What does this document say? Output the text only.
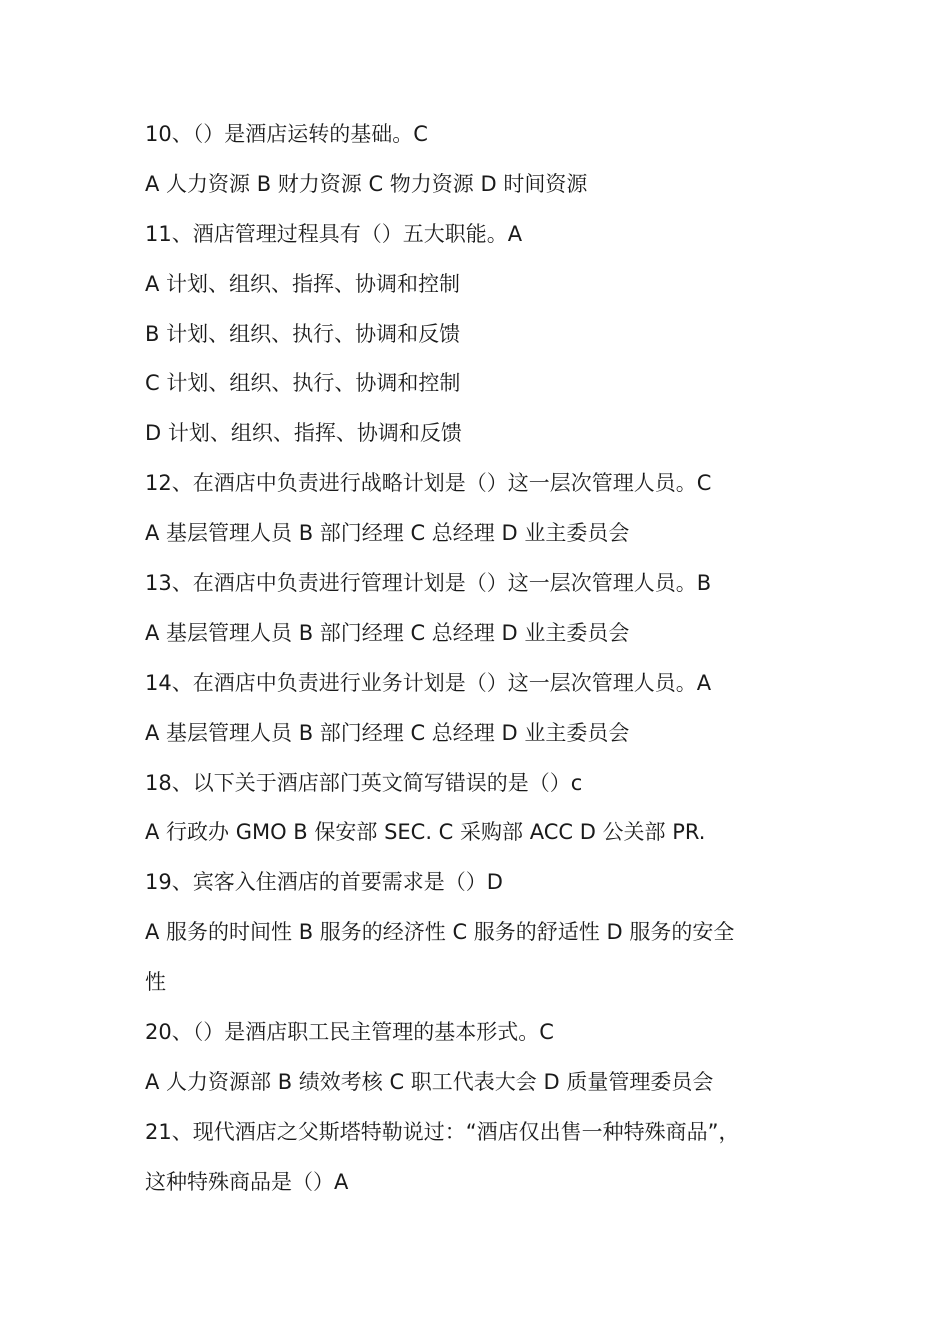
10、（）是酒店运转的基础。C
A 人力资源 B 财力资源 C 物力资源 D 时间资源
11、酒店管理过程具有（）五大职能。A
A 计划、组织、指挥、协调和控制
B 计划、组织、执行、协调和反馈
C 计划、组织、执行、协调和控制
D 计划、组织、指挥、协调和反馈
12、在酒店中负责进行战略计划是（）这一层次管理人员。C
A 基层管理人员 B 部门经理 C 总经理 D 业主委员会
13、在酒店中负责进行管理计划是（）这一层次管理人员。B
A 基层管理人员 B 部门经理 C 总经理 D 业主委员会
14、在酒店中负责进行业务计划是（）这一层次管理人员。A
A 基层管理人员 B 部门经理 C 总经理 D 业主委员会
18、以下关于酒店部门英文简写错误的是（）c
A 行政办 GMO B 保安部 SEC. C 采购部 ACC D 公关部 PR.
19、宾客入住酒店的首要需求是（）D
A 服务的时间性 B 服务的经济性 C 服务的舒适性 D 服务的安全
性
20、（）是酒店职工民主管理的基本形式。C
A 人力资源部 B 绩效考核 C 职工代表大会 D 质量管理委员会
21、现代酒店之父斯塔特勒说过：“酒店仅出售一种特殊商品”，
这种特殊商品是（）A
